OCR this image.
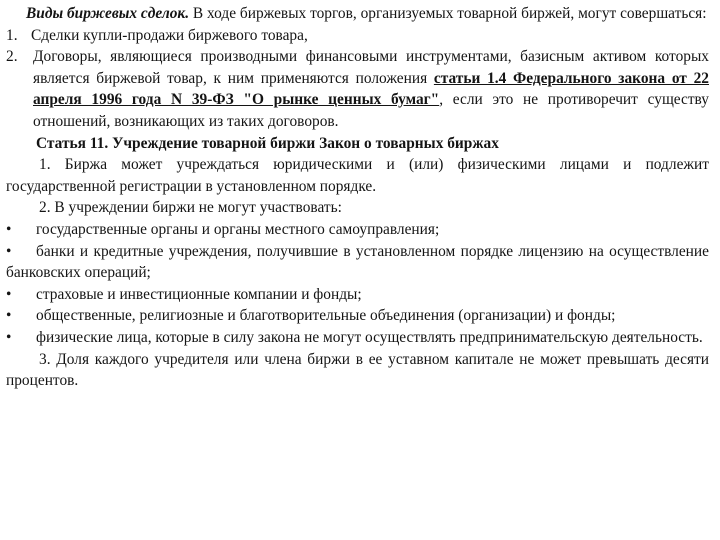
Виды биржевых сделок. В ходе биржевых торгов, организуемых товарной биржей, могут совершаться:

1. Сделки купли-продажи биржевого товара,

2. Договоры, являющиеся производными финансовыми инструментами, базисным активом которых является биржевой товар, к ним применяются положения статьи 1.4 Федерального закона от 22 апреля 1996 года N 39-ФЗ "О рынке ценных бумаг", если это не противоречит существу отношений, возникающих из таких договоров.

Статья 11. Учреждение товарной биржи Закон о товарных биржах

1. Биржа может учреждаться юридическими и (или) физическими лицами и подлежит государственной регистрации в установленном порядке.

2. В учреждении биржи не могут участвовать:

• государственные органы и органы местного самоуправления;

• банки и кредитные учреждения, получившие в установленном порядке лицензию на осуществление банковских операций;

• страховые и инвестиционные компании и фонды;

• общественные, религиозные и благотворительные объединения (организации) и фонды;

• физические лица, которые в силу закона не могут осуществлять предпринимательскую деятельность.

3. Доля каждого учредителя или члена биржи в ее уставном капитале не может превышать десяти процентов.
